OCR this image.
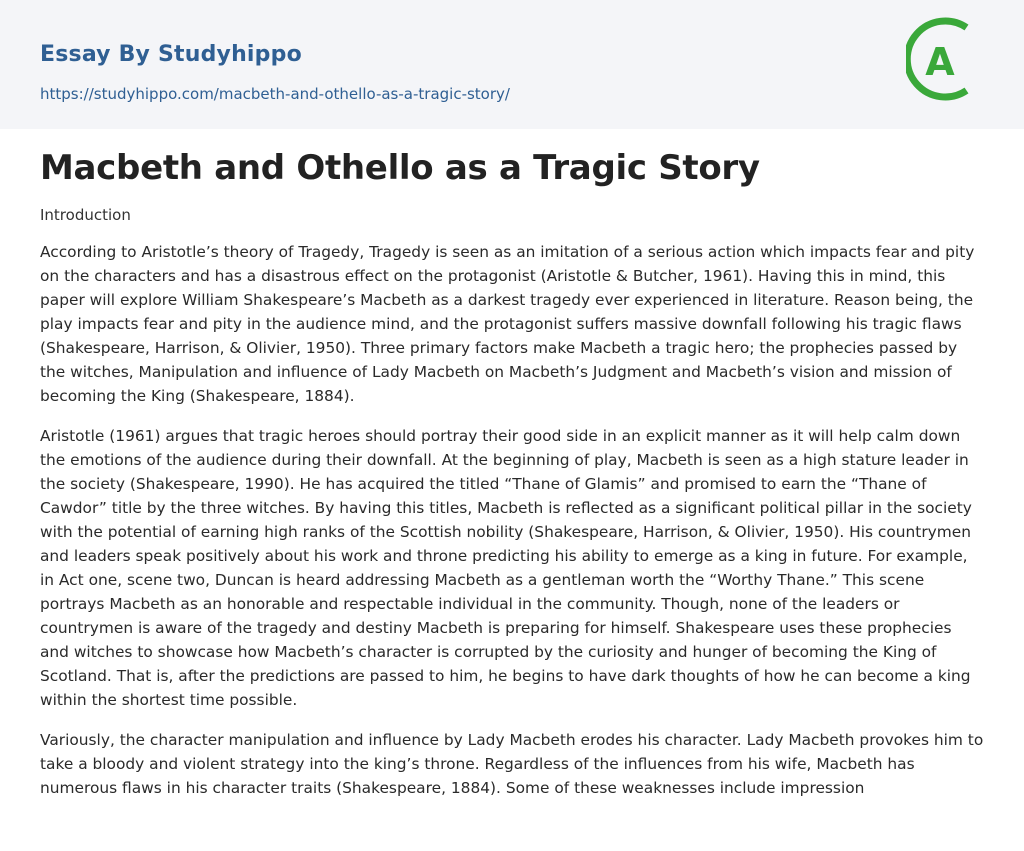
Essay By Studyhippo
https://studyhippo.com/macbeth-and-othello-as-a-tragic-story/
A
Macbeth and Othello as a Tragic Story
Introduction

According to Aristotle’s theory of Tragedy, Tragedy is seen as an imitation of a serious action which impacts fear and pity on the characters and has a disastrous effect on the protagonist (Aristotle & Butcher, 1961). Having this in mind, this paper will explore William Shakespeare’s Macbeth as a darkest tragedy ever experienced in literature. Reason being, the play impacts fear and pity in the audience mind, and the protagonist suffers massive downfall following his tragic flaws (Shakespeare, Harrison, & Olivier, 1950). Three primary factors make Macbeth a tragic hero; the prophecies passed by the witches, Manipulation and influence of Lady Macbeth on Macbeth’s Judgment and Macbeth’s vision and mission of becoming the King (Shakespeare, 1884).

Aristotle (1961) argues that tragic heroes should portray their good side in an explicit manner as it will help calm down the emotions of the audience during their downfall. At the beginning of play, Macbeth is seen as a high stature leader in the society (Shakespeare, 1990). He has acquired the titled “Thane of Glamis” and promised to earn the “Thane of Cawdor” title by the three witches. By having this titles, Macbeth is reflected as a significant political pillar in the society with the potential of earning high ranks of the Scottish nobility (Shakespeare, Harrison, & Olivier, 1950). His countrymen and leaders speak positively about his work and throne predicting his ability to emerge as a king in future. For example, in Act one, scene two, Duncan is heard addressing Macbeth as a gentleman worth the “Worthy Thane.” This scene portrays Macbeth as an honorable and respectable individual in the community. Though, none of the leaders or countrymen is aware of the tragedy and destiny Macbeth is preparing for himself. Shakespeare uses these prophecies and witches to showcase how Macbeth’s character is corrupted by the curiosity and hunger of becoming the King of Scotland. That is, after the predictions are passed to him, he begins to have dark thoughts of how he can become a king within the shortest time possible.

Variously, the character manipulation and influence by Lady Macbeth erodes his character. Lady Macbeth provokes him to take a bloody and violent strategy into the king’s throne. Regardless of the influences from his wife, Macbeth has numerous flaws in his character traits (Shakespeare, 1884). Some of these weaknesses include impression
